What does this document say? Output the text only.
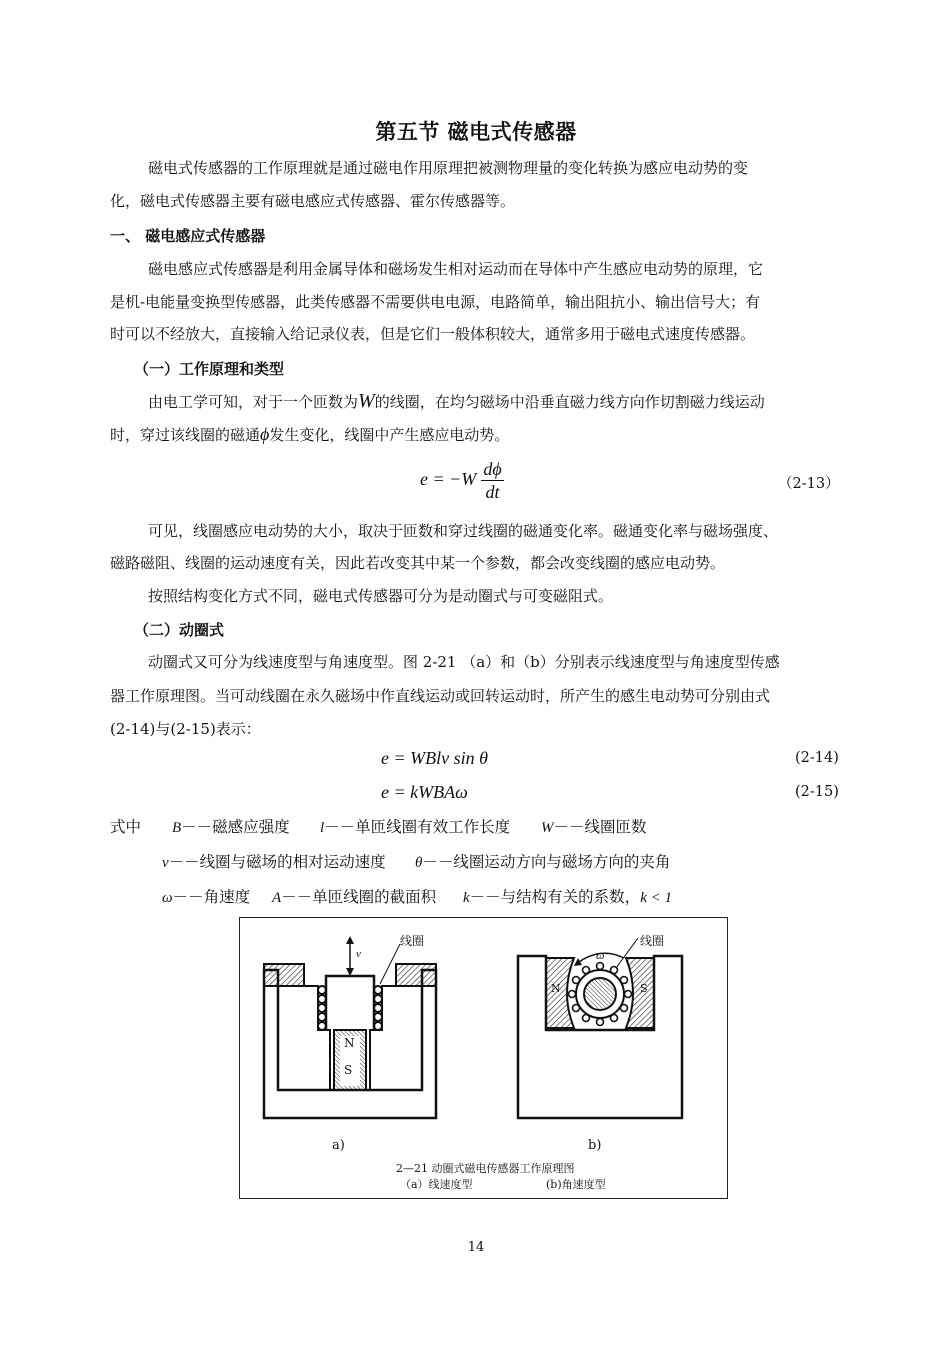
第五节 磁电式传感器
磁电式传感器的工作原理就是通过磁电作用原理把被测物理量的变化转换为感应电动势的变
化，磁电式传感器主要有磁电感应式传感器、霍尔传感器等。
一、 磁电感应式传感器
磁电感应式传感器是利用金属导体和磁场发生相对运动而在导体中产生感应电动势的原理，它
是机-电能量变换型传感器，此类传感器不需要供电电源，电路简单，输出阻抗小、输出信号大；有
时可以不经放大，直接输入给记录仪表，但是它们一般体积较大，通常多用于磁电式速度传感器。
（一）工作原理和类型
由电工学可知，对于一个匝数为W的线圈，在均匀磁场中沿垂直磁力线方向作切割磁力线运动
时，穿过该线圈的磁通ϕ发生变化，线圈中产生感应电动势。
$e = -W \frac{d\phi}{dt}$	（2-13）
可见，线圈感应电动势的大小，取决于匝数和穿过线圈的磁通变化率。磁通变化率与磁场强度、
磁路磁阻、线圈的运动速度有关，因此若改变其中某一个参数，都会改变线圈的感应电动势。
按照结构变化方式不同，磁电式传感器可分为是动圈式与可变磁阻式。
（二）动圈式
动圈式又可分为线速度型与角速度型。图 2-21 （a）和（b）分别表示线速度型与角速度型传感
器工作原理图。当可动线圈在永久磁场中作直线运动或回转运动时，所产生的感生电动势可分别由式
(2-14)与(2-15)表示：
e = WBlv sin θ	(2-14)
e = kWBAω	(2-15)
式中 B－－磁感应强度 l－－单匝线圈有效工作长度 W－－线圈匝数
v－－线圈与磁场的相对运动速度 θ－－线圈运动方向与磁场方向的夹角
ω－－角速度 A－－单匝线圈的截面积 k－－与结构有关的系数，k < 1
线圈
v
N
S
线圈
ω
N	S
a)	b)
2—21 动圈式磁电传感器工作原理图
（a）线速度型	(b)角速度型
14
